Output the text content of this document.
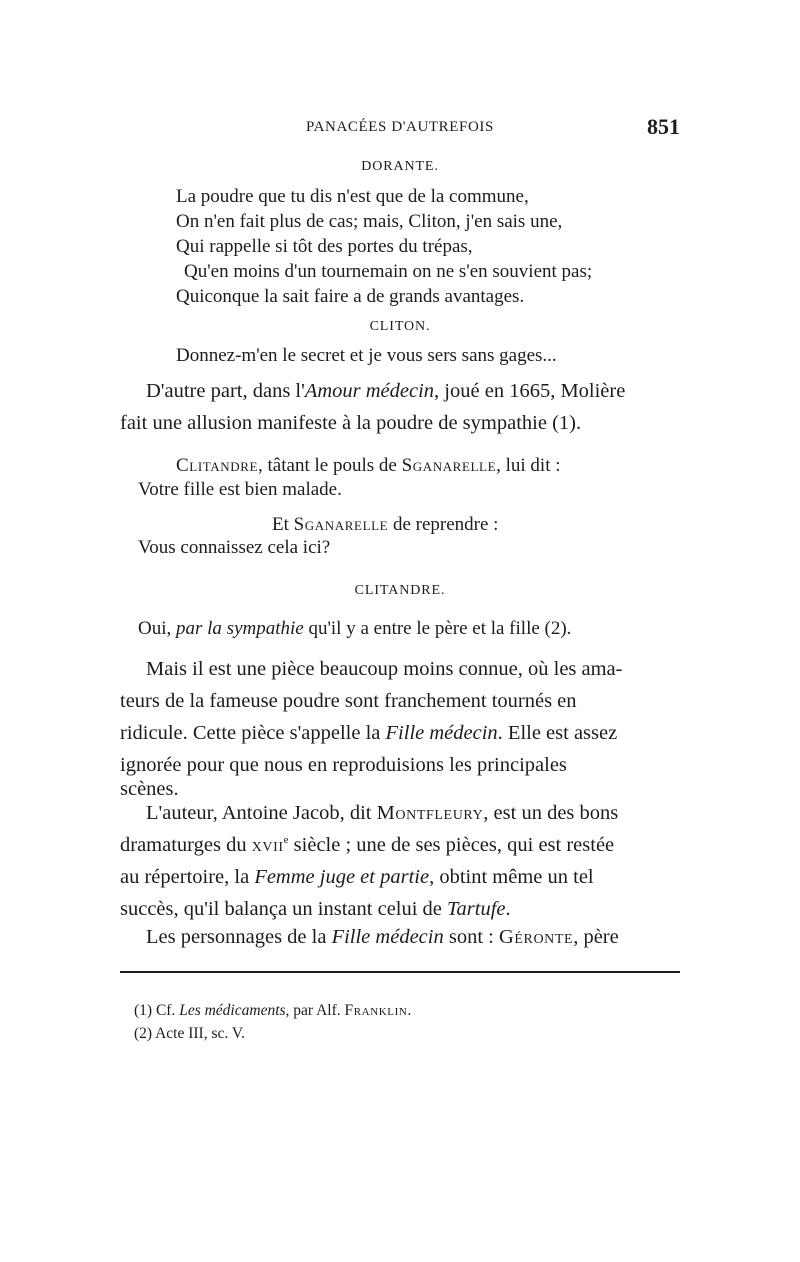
PANACÉES D'AUTREFOIS	851
DORANTE.
La poudre que tu dis n'est que de la commune,
On n'en fait plus de cas; mais, Cliton, j'en sais une,
Qui rappelle si tôt des portes du trépas,
Qu'en moins d'un tournemain on ne s'en souvient pas;
Quiconque la sait faire a de grands avantages.
CLITON.
Donnez-m'en le secret et je vous sers sans gages...
D'autre part, dans l'Amour médecin, joué en 1665, Molière
fait une allusion manifeste à la poudre de sympathie (1).
Clitandre, tâtant le pouls de Sganarelle, lui dit :
Votre fille est bien malade.
Et Sganarelle de reprendre :
Vous connaissez cela ici?
CLITANDRE.
Oui, par la sympathie qu'il y a entre le père et la fille (2).
Mais il est une pièce beaucoup moins connue, où les ama-
teurs de la fameuse poudre sont franchement tournés en
ridicule. Cette pièce s'appelle la Fille médecin. Elle est assez
ignorée pour que nous en reproduisions les principales
scènes.
L'auteur, Antoine Jacob, dit Montfleury, est un des bons
dramaturges du xvii$^e$ siècle ; une de ses pièces, qui est restée
au répertoire, la Femme juge et partie, obtint même un tel
succès, qu'il balança un instant celui de Tartufe.
Les personnages de la Fille médecin sont : Géronte, père
(1) Cf. Les médicaments, par Alf. Franklin.
(2) Acte III, sc. V.
